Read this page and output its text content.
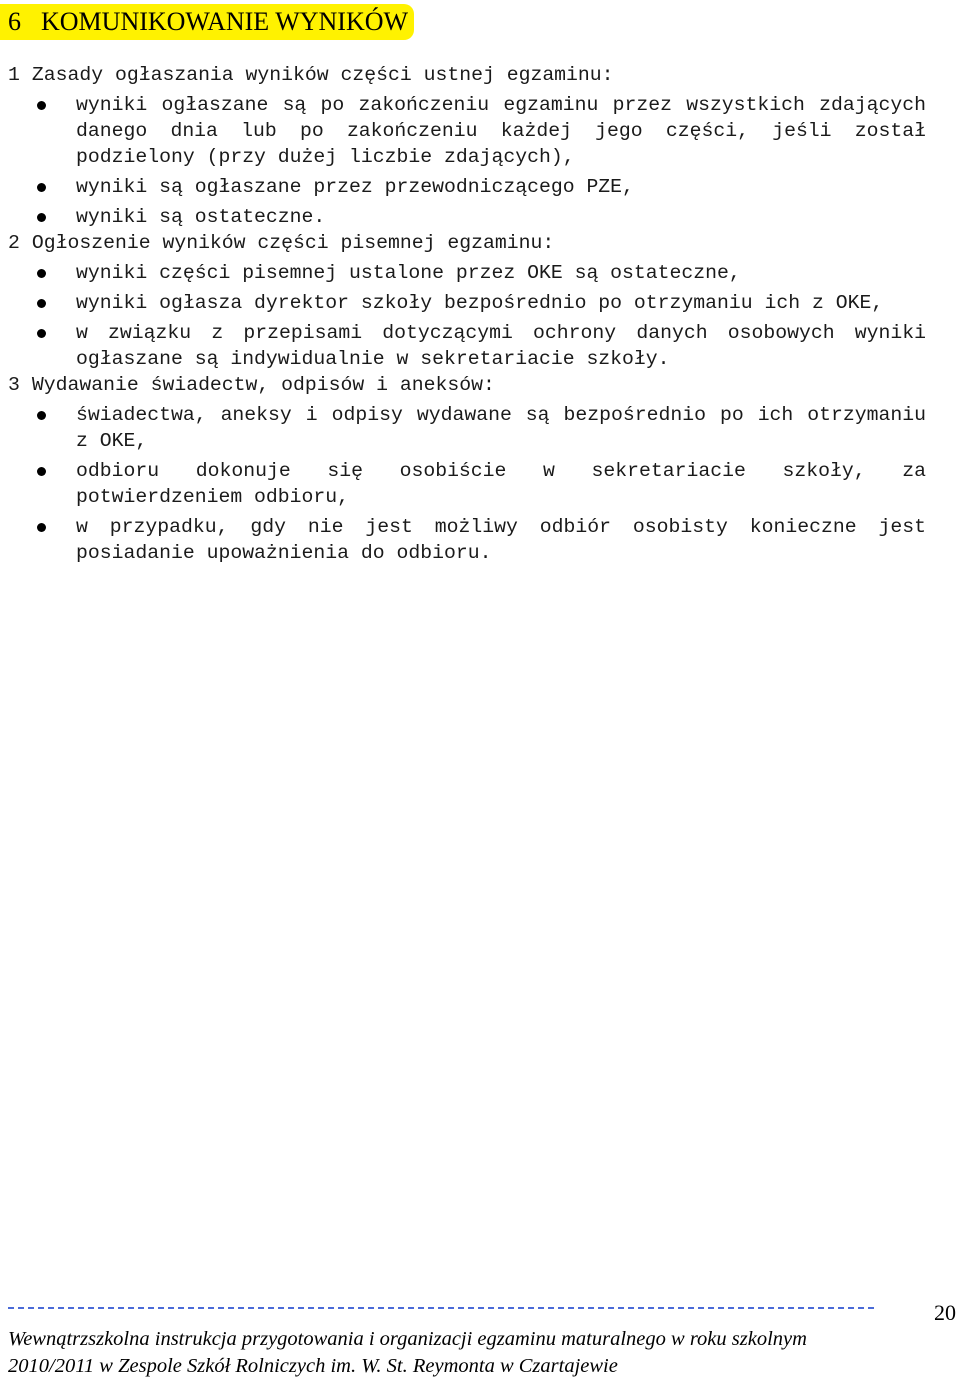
6 KOMUNIKOWANIE WYNIKÓW
1 Zasady ogłaszania wyników części ustnej egzaminu:
wyniki ogłaszane są po zakończeniu egzaminu przez wszystkich zdających danego dnia lub po zakończeniu każdej jego części, jeśli został podzielony (przy dużej liczbie zdających),
wyniki są ogłaszane przez przewodniczącego PZE,
wyniki są ostateczne.
2 Ogłoszenie wyników części pisemnej egzaminu:
wyniki części pisemnej ustalone przez OKE są ostateczne,
wyniki ogłasza dyrektor szkoły bezpośrednio po otrzymaniu ich z OKE,
w związku z przepisami dotyczącymi ochrony danych osobowych wyniki ogłaszane są indywidualnie w sekretariacie szkoły.
3 Wydawanie świadectw, odpisów i aneksów:
świadectwa, aneksy i odpisy wydawane są bezpośrednio po ich otrzymaniu z OKE,
odbioru dokonuje się osobiście w sekretariacie szkoły, za potwierdzeniem odbioru,
w przypadku, gdy nie jest możliwy odbiór osobisty konieczne jest posiadanie upoważnienia do odbioru.
20
Wewnątrzszkolna instrukcja przygotowania i organizacji egzaminu maturalnego w roku szkolnym
2010/2011 w Zespole Szkół Rolniczych im. W. St. Reymonta w Czartajewie
